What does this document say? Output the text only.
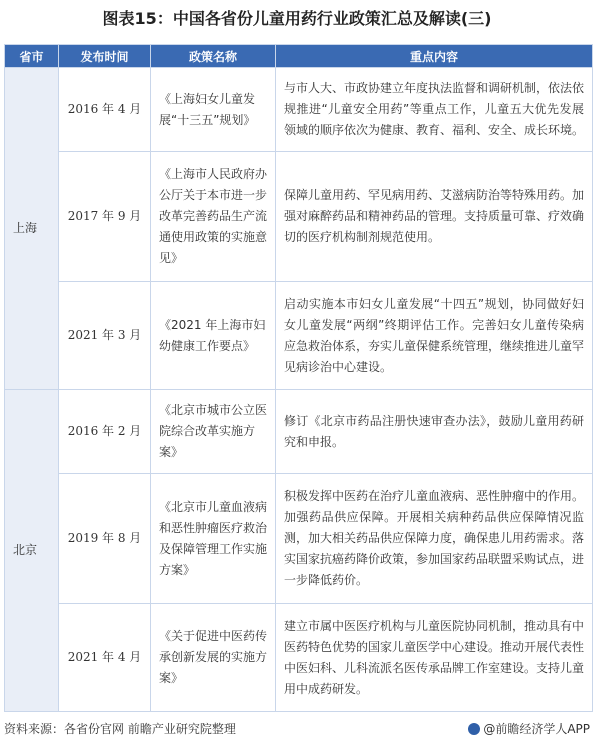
图表15：中国各省份儿童用药行业政策汇总及解读(三)
省市	发布时间	政策名称	重点内容
上海	2016 年 4 月	《上海妇女儿童发展“十三五”规划》	与市人大、市政协建立年度执法监督和调研机制，依法依规推进“儿童安全用药”等重点工作，儿童五大优先发展领域的顺序依次为健康、教育、福利、安全、成长环境。
	2017 年 9 月	《上海市人民政府办公厅关于本市进一步改革完善药品生产流通使用政策的实施意见》	保障儿童用药、罕见病用药、艾滋病防治等特殊用药。加强对麻醉药品和精神药品的管理。支持质量可靠、疗效确切的医疗机构制剂规范使用。
	2021 年 3 月	《2021 年上海市妇幼健康工作要点》	启动实施本市妇女儿童发展“十四五”规划，协同做好妇女儿童发展“两纲”终期评估工作。完善妇女儿童传染病应急救治体系，夯实儿童保健系统管理，继续推进儿童罕见病诊治中心建设。
北京	2016 年 2 月	《北京市城市公立医院综合改革实施方案》	修订《北京市药品注册快速审查办法》，鼓励儿童用药研究和申报。
	2019 年 8 月	《北京市儿童血液病和恶性肿瘤医疗救治及保障管理工作实施方案》	积极发挥中医药在治疗儿童血液病、恶性肿瘤中的作用。加强药品供应保障。开展相关病种药品供应保障情况监测，加大相关药品供应保障力度，确保患儿用药需求。落实国家抗癌药降价政策，参加国家药品联盟采购试点，进一步降低药价。
	2021 年 4 月	《关于促进中医药传承创新发展的实施方案》	建立市属中医医疗机构与儿童医院协同机制，推动具有中医药特色优势的国家儿童医学中心建设。推动开展代表性中医妇科、儿科流派名医传承品牌工作室建设。支持儿童用中成药研发。
资料来源：各省份官网 前瞻产业研究院整理	@前瞻经济学人APP
